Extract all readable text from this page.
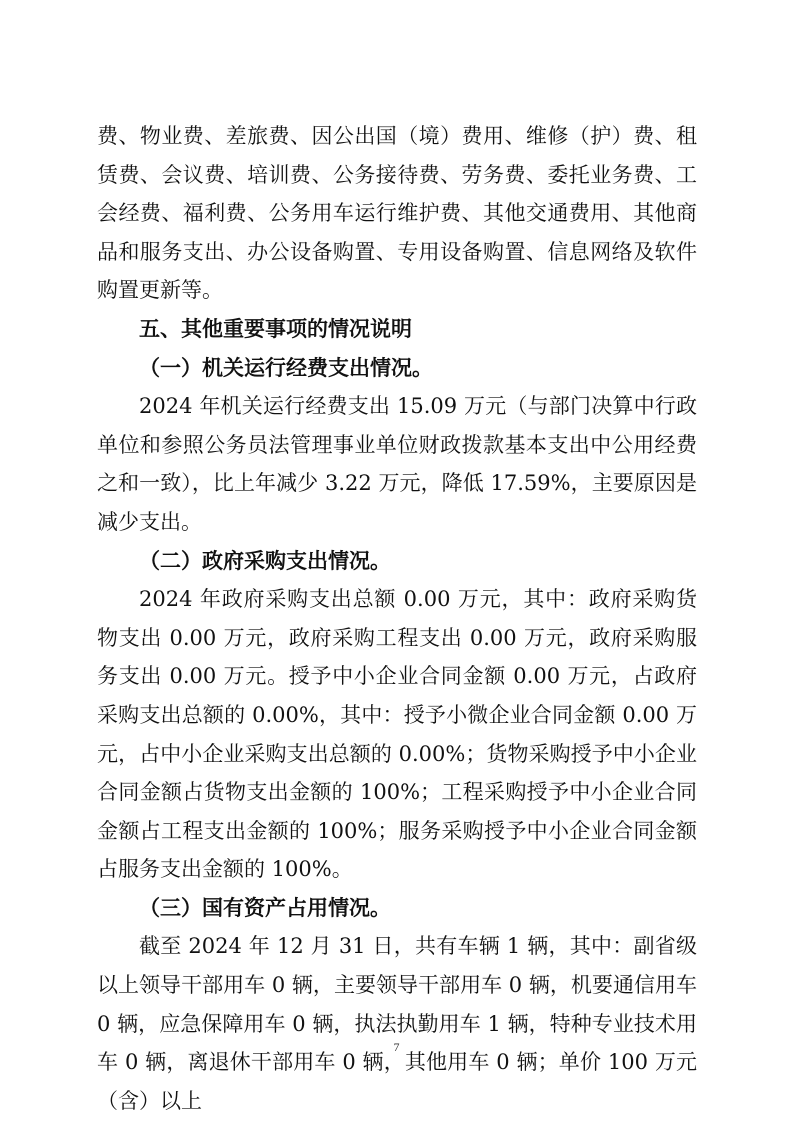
费、物业费、差旅费、因公出国（境）费用、维修（护）费、租赁费、会议费、培训费、公务接待费、劳务费、委托业务费、工会经费、福利费、公务用车运行维护费、其他交通费用、其他商品和服务支出、办公设备购置、专用设备购置、信息网络及软件购置更新等。

五、其他重要事项的情况说明

（一）机关运行经费支出情况。

2024 年机关运行经费支出 15.09 万元（与部门决算中行政单位和参照公务员法管理事业单位财政拨款基本支出中公用经费之和一致），比上年减少 3.22 万元，降低 17.59%，主要原因是减少支出。

（二）政府采购支出情况。

2024 年政府采购支出总额 0.00 万元，其中：政府采购货物支出 0.00 万元，政府采购工程支出 0.00 万元，政府采购服务支出 0.00 万元。授予中小企业合同金额 0.00 万元，占政府采购支出总额的 0.00%，其中：授予小微企业合同金额 0.00 万元，占中小企业采购支出总额的 0.00%；货物采购授予中小企业合同金额占货物支出金额的 100%；工程采购授予中小企业合同金额占工程支出金额的 100%；服务采购授予中小企业合同金额占服务支出金额的 100%。

（三）国有资产占用情况。

截至 2024 年 12 月 31 日，共有车辆 1 辆，其中：副省级以上领导干部用车 0 辆，主要领导干部用车 0 辆，机要通信用车 0 辆，应急保障用车 0 辆，执法执勤用车 1 辆，特种专业技术用车 0 辆，离退休干部用车 0 辆，其他用车 0 辆；单价 100 万元（含）以上

7
